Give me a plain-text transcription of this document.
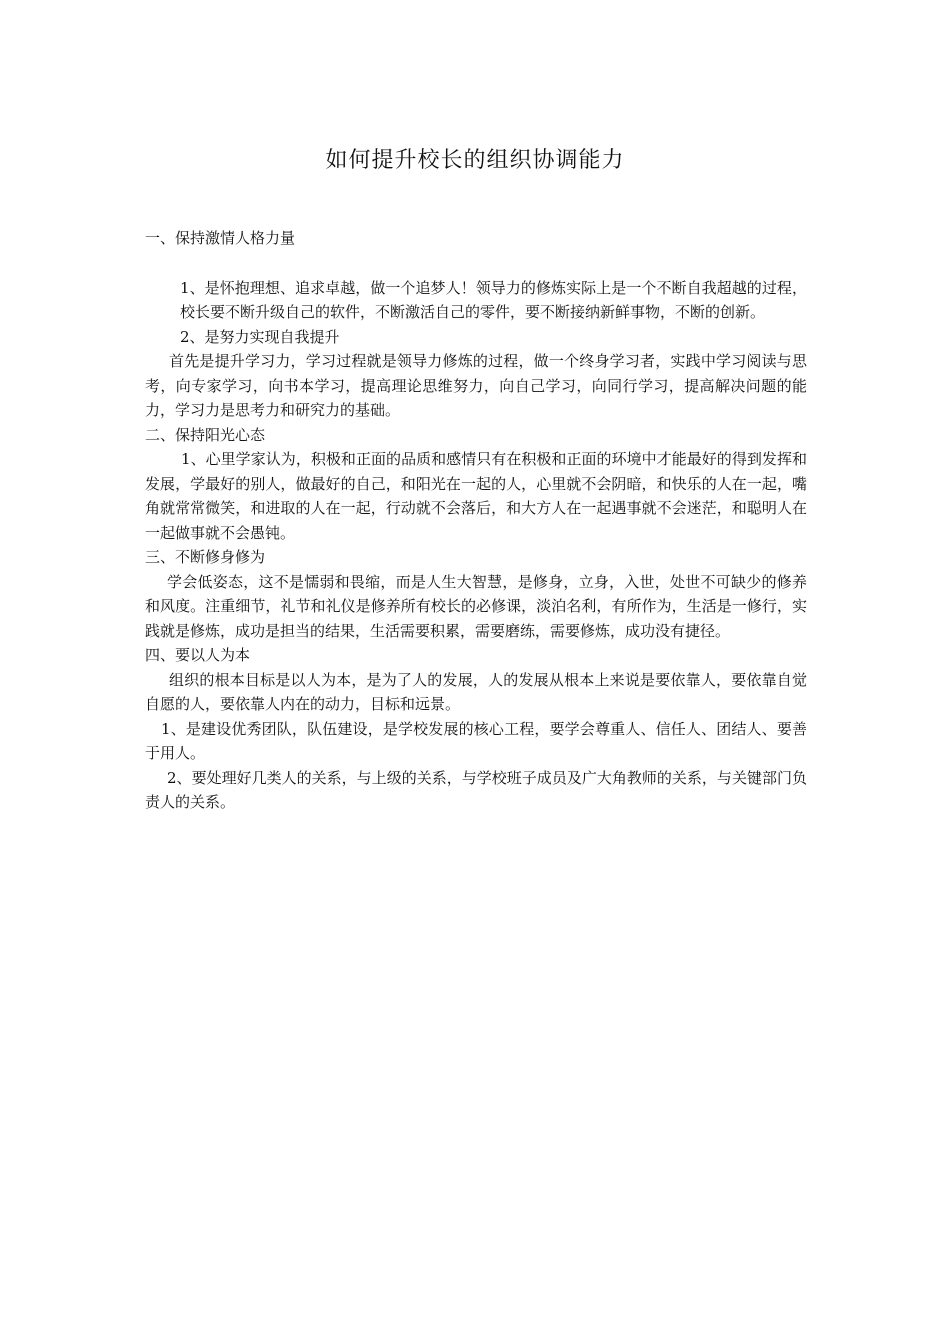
如何提升校长的组织协调能力

一、保持激情人格力量

1、是怀抱理想、追求卓越，做一个追梦人！领导力的修炼实际上是一个不断自我超越的过程，校长要不断升级自己的软件，不断激活自己的零件，要不断接纳新鲜事物，不断的创新。

2、是努力实现自我提升

首先是提升学习力，学习过程就是领导力修炼的过程，做一个终身学习者，实践中学习阅读与思考，向专家学习，向书本学习，提高理论思维努力，向自己学习，向同行学习，提高解决问题的能力，学习力是思考力和研究力的基础。

二、保持阳光心态

1、心里学家认为，积极和正面的品质和感情只有在积极和正面的环境中才能最好的得到发挥和发展，学最好的别人，做最好的自己，和阳光在一起的人，心里就不会阴暗，和快乐的人在一起，嘴角就常常微笑，和进取的人在一起，行动就不会落后，和大方人在一起遇事就不会迷茫，和聪明人在一起做事就不会愚钝。

三、不断修身修为

学会低姿态，这不是懦弱和畏缩，而是人生大智慧，是修身，立身，入世，处世不可缺少的修养和风度。注重细节，礼节和礼仪是修养所有校长的必修课，淡泊名利，有所作为，生活是一修行，实践就是修炼，成功是担当的结果，生活需要积累，需要磨练，需要修炼，成功没有捷径。

四、要以人为本

组织的根本目标是以人为本，是为了人的发展，人的发展从根本上来说是要依靠人，要依靠自觉自愿的人，要依靠人内在的动力，目标和远景。

1、是建设优秀团队，队伍建设，是学校发展的核心工程，要学会尊重人、信任人、团结人、要善于用人。

2、要处理好几类人的关系，与上级的关系，与学校班子成员及广大角教师的关系，与关键部门负责人的关系。
